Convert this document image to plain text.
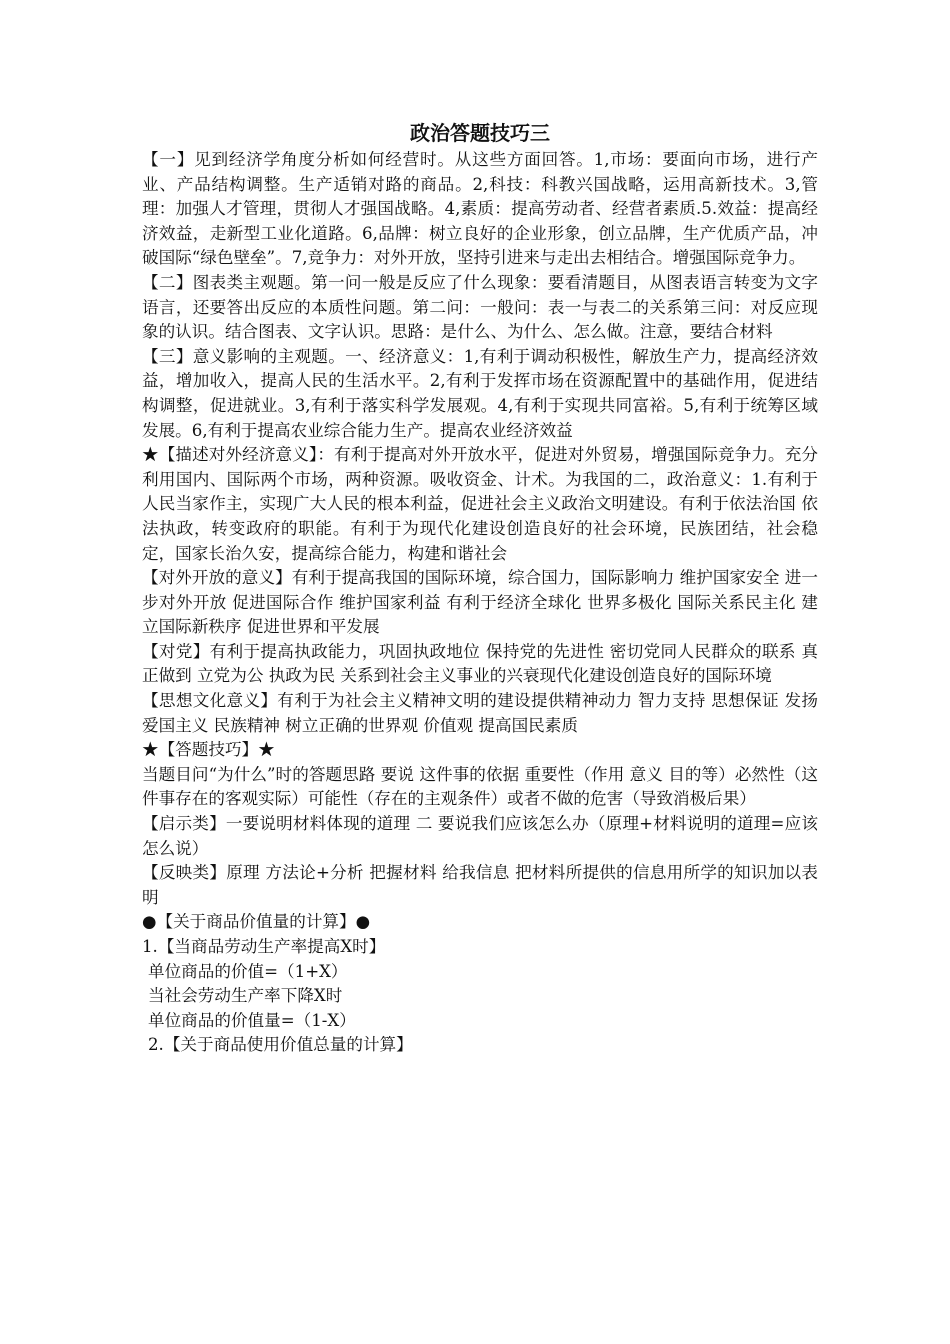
政治答题技巧三

【一】见到经济学角度分析如何经营时。从这些方面回答。1,市场：要面向市场，进行产业、产品结构调整。生产适销对路的商品。2,科技：科教兴国战略，运用高新技术。3,管理：加强人才管理，贯彻人才强国战略。4,素质：提高劳动者、经营者素质.5.效益：提高经济效益，走新型工业化道路。6,品牌：树立良好的企业形象，创立品牌，生产优质产品，冲破国际“绿色壁垒”。7,竞争力：对外开放，坚持引进来与走出去相结合。增强国际竞争力。

【二】图表类主观题。第一问一般是反应了什么现象：要看清题目，从图表语言转变为文字语言，还要答出反应的本质性问题。第二问：一般问：表一与表二的关系第三问：对反应现象的认识。结合图表、文字认识。思路：是什么、为什么、怎么做。注意，要结合材料

【三】意义影响的主观题。一、经济意义：1,有利于调动积极性，解放生产力，提高经济效益，增加收入，提高人民的生活水平。2,有利于发挥市场在资源配置中的基础作用，促进结构调整，促进就业。3,有利于落实科学发展观。4,有利于实现共同富裕。5,有利于统筹区域发展。6,有利于提高农业综合能力生产。提高农业经济效益

★【描述对外经济意义】：有利于提高对外开放水平，促进对外贸易，增强国际竞争力。充分利用国内、国际两个市场，两种资源。吸收资金、计术。为我国的二，政治意义：1.有利于人民当家作主，实现广大人民的根本利益，促进社会主义政治文明建设。有利于依法治国 依法执政，转变政府的职能。有利于为现代化建设创造良好的社会环境，民族团结，社会稳定，国家长治久安，提高综合能力，构建和谐社会

【对外开放的意义】有利于提高我国的国际环境，综合国力，国际影响力 维护国家安全 进一步对外开放 促进国际合作 维护国家利益 有利于经济全球化 世界多极化 国际关系民主化 建立国际新秩序 促进世界和平发展

【对党】有利于提高执政能力，巩固执政地位 保持党的先进性 密切党同人民群众的联系 真正做到 立党为公 执政为民 关系到社会主义事业的兴衰现代化建设创造良好的国际环境

【思想文化意义】有利于为社会主义精神文明的建设提供精神动力 智力支持 思想保证 发扬爱国主义 民族精神 树立正确的世界观 价值观 提高国民素质

★【答题技巧】★

当题目问“为什么”时的答题思路 要说 这件事的依据 重要性（作用 意义 目的等）必然性（这件事存在的客观实际）可能性（存在的主观条件）或者不做的危害（导致消极后果）

【启示类】一要说明材料体现的道理 二 要说我们应该怎么办（原理+材料说明的道理=应该怎么说）

【反映类】原理 方法论+分析 把握材料 给我信息 把材料所提供的信息用所学的知识加以表明

●【关于商品价值量的计算】●

1.【当商品劳动生产率提高X时】

单位商品的价值=（1+X）

当社会劳动生产率下降X时

单位商品的价值量=（1-X）

2.【关于商品使用价值总量的计算】
